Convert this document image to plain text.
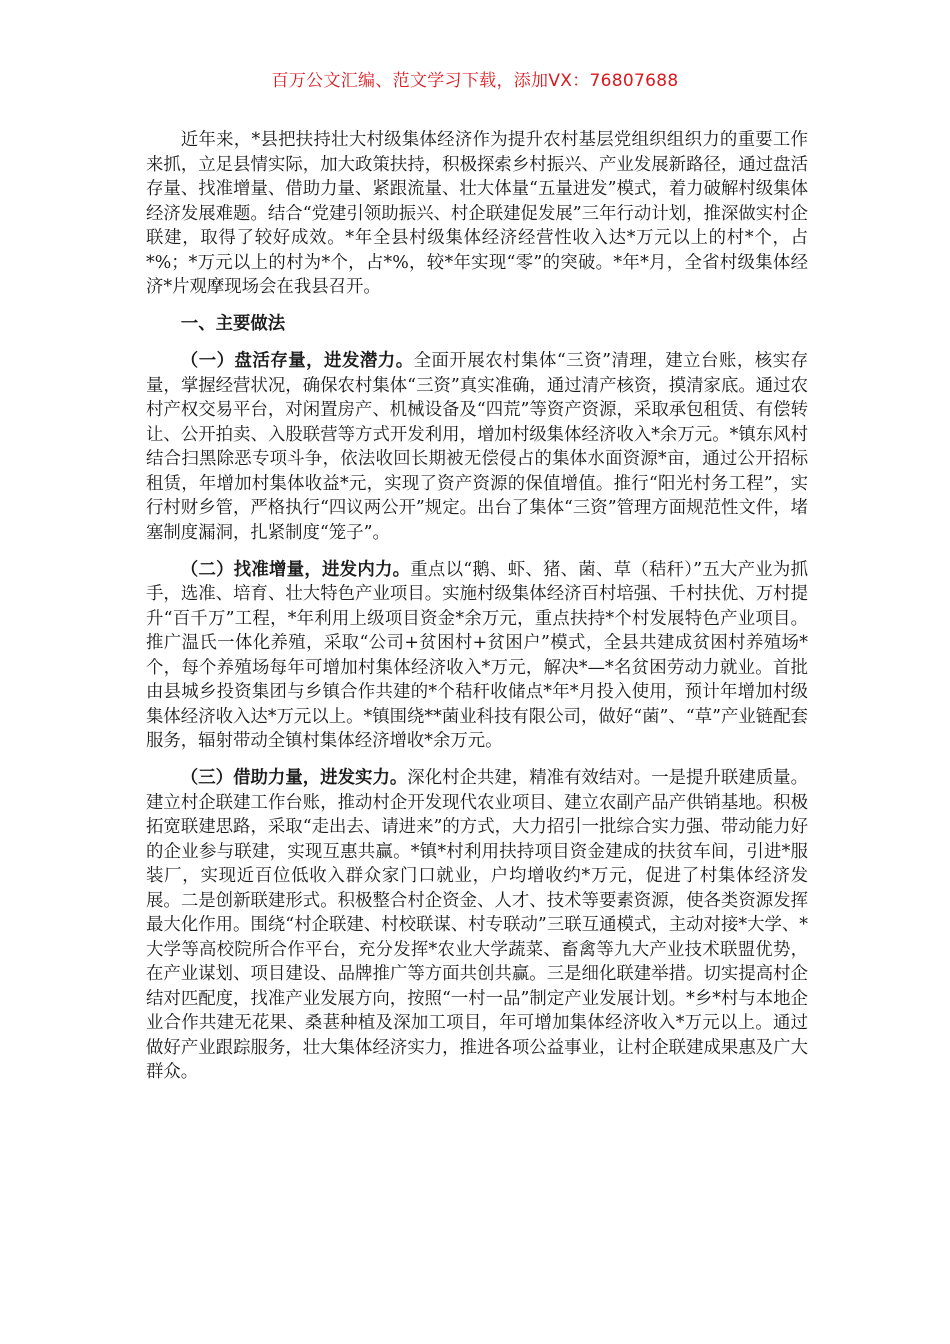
百万公文汇编、范文学习下载，添加VX：76807688

近年来，*县把扶持壮大村级集体经济作为提升农村基层党组织组织力的重要工作来抓，立足县情实际，加大政策扶持，积极探索乡村振兴、产业发展新路径，通过盘活存量、找准增量、借助力量、紧跟流量、壮大体量“五量进发”模式，着力破解村级集体经济发展难题。结合“党建引领助振兴、村企联建促发展”三年行动计划，推深做实村企联建，取得了较好成效。*年全县村级集体经济经营性收入达*万元以上的村*个，占*%；*万元以上的村为*个，占*%，较*年实现“零”的突破。*年*月，全省村级集体经济*片观摩现场会在我县召开。

一、主要做法

（一）盘活存量，进发潜力。全面开展农村集体“三资”清理，建立台账，核实存量，掌握经营状况，确保农村集体“三资”真实准确，通过清产核资，摸清家底。通过农村产权交易平台，对闲置房产、机械设备及“四荒”等资产资源，采取承包租赁、有偿转让、公开拍卖、入股联营等方式开发利用，增加村级集体经济收入*余万元。*镇东风村结合扫黑除恶专项斗争，依法收回长期被无偿侵占的集体水面资源*亩，通过公开招标租赁，年增加村集体收益*元，实现了资产资源的保值增值。推行“阳光村务工程”，实行村财乡管，严格执行“四议两公开”规定。出台了集体“三资”管理方面规范性文件，堵塞制度漏洞，扎紧制度“笼子”。

（二）找准增量，进发内力。重点以“鹅、虾、猪、菌、草（秸秆）”五大产业为抓手，选准、培育、壮大特色产业项目。实施村级集体经济百村培强、千村扶优、万村提升“百千万”工程，*年利用上级项目资金*余万元，重点扶持*个村发展特色产业项目。推广温氏一体化养殖，采取“公司+贫困村+贫困户”模式，全县共建成贫困村养殖场*个，每个养殖场每年可增加村集体经济收入*万元，解决*—*名贫困劳动力就业。首批由县城乡投资集团与乡镇合作共建的*个秸秆收储点*年*月投入使用，预计年增加村级集体经济收入达*万元以上。*镇围绕**菌业科技有限公司，做好“菌”、“草”产业链配套服务，辐射带动全镇村集体经济增收*余万元。

（三）借助力量，进发实力。深化村企共建，精准有效结对。一是提升联建质量。建立村企联建工作台账，推动村企开发现代农业项目、建立农副产品产供销基地。积极拓宽联建思路，采取“走出去、请进来”的方式，大力招引一批综合实力强、带动能力好的企业参与联建，实现互惠共赢。*镇*村利用扶持项目资金建成的扶贫车间，引进*服装厂，实现近百位低收入群众家门口就业，户均增收约*万元，促进了村集体经济发展。二是创新联建形式。积极整合村企资金、人才、技术等要素资源，使各类资源发挥最大化作用。围绕“村企联建、村校联谋、村专联动”三联互通模式，主动对接*大学、*大学等高校院所合作平台，充分发挥*农业大学蔬菜、畜禽等九大产业技术联盟优势，在产业谋划、项目建设、品牌推广等方面共创共赢。三是细化联建举措。切实提高村企结对匹配度，找准产业发展方向，按照“一村一品”制定产业发展计划。*乡*村与本地企业合作共建无花果、桑葚种植及深加工项目，年可增加集体经济收入*万元以上。通过做好产业跟踪服务，壮大集体经济实力，推进各项公益事业，让村企联建成果惠及广大群众。
